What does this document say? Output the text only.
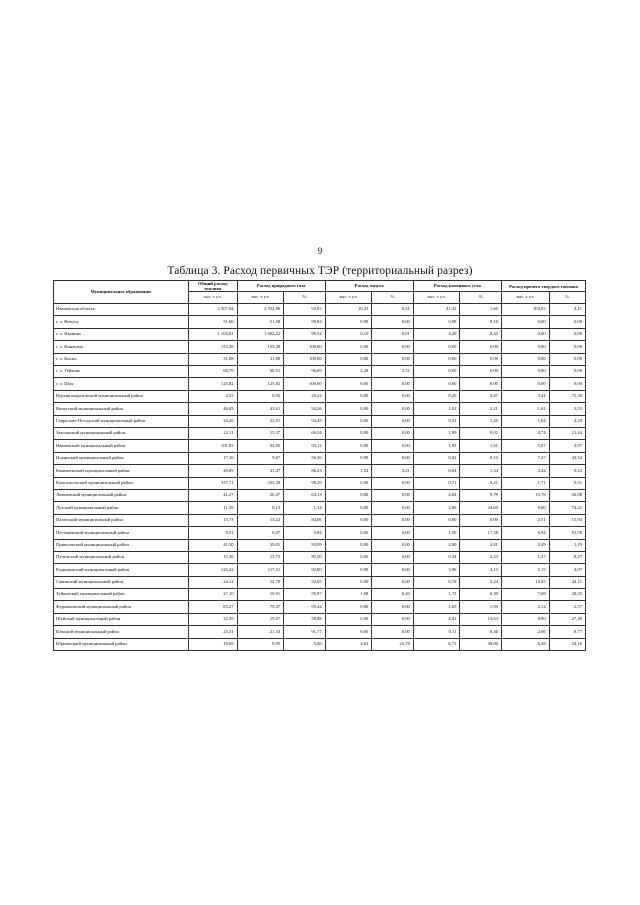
9
Таблица 3. Расход первичных ТЭР (территориальный разрез)
Муниципальное образование	Общий расход топлива	Расход природного газа		Расход мазута		Расход каменного угля		Расход прочего твердого топлива	
	тыс. т у.т.	тыс. т у.т.	%	тыс. т у.т.	%	тыс. т у.т.	%	тыс. т у.т.	%
Ивановская область	2 507,64	2 352,86	93,83	10,23	0,41	41,32	1,66	103,03	4,11
г. о. Вичуга	51,66	51,58	99,84	0,00	0,00	0,08	0,16	0,00	0,00
г. о. Иваново	1 104,81	1 062,22	99,54	0,10	0,01	4,49	0,45	0,00	0,00
г. о. Кинешма	153,38	153,38	100,00	0,00	0,00	0,00	0,00	0,00	0,00
г. о. Кохма	31,88	31,88	100,00	0,00	0,00	0,00	0,00	0,00	0,00
г. о. Тейково	68,79	66,51	96,69	2,28	3,31	0,00	0,00	0,00	0,00
г. о. Шуя	125,82	125,82	100,00	0,00	0,00	0,00	0,00	0,00	0,00
Верхнеландеховский муниципальный район	4,53	0,92	20,22	0,00	0,00	0,20	4,47	3,41	75,30
Вичугский муниципальный район	46,05	43,61	94,26	0,00	0,00	1,02	2,21	1,62	3,53
Гаврилово-Посадский муниципальный район	24,26	22,91	94,45	0,00	0,00	0,31	1,26	1,04	4,29
Заволжский муниципальный район	22,11	15,37	69,54	0,00	0,00	1,99	9,02	4,74	21,44
Ивановский муниципальный район	101,95	94,95	93,12	0,00	0,00	1,95	1,91	5,07	4,97
Ильинский муниципальный район	17,16	9,67	56,36	0,00	0,00	0,02	0,10	7,47	43,54
Кинешемский муниципальный район	48,09	41,47	86,23	1,54	3,21	0,64	1,34	4,44	9,22
Комсомольский муниципальный район	337,71	335,28	99,29	0,00	0,00	0,71	0,21	1,71	0,51
Лежневский муниципальный район	41,27	26,47	64,13	0,00	0,00	4,04	9,79	10,76	26,08
Лухский муниципальный район	11,59	0,13	1,14	0,00	0,00	2,86	24,69	8,60	74,21
Палехский муниципальный район	15,73	13,22	84,06	0,00	0,00	0,00	0,00	2,51	15,94
Пестяковский муниципальный район	8,51	0,07	0,84	0,00	0,00	1,50	17,58	6,94	81,58
Приволжский муниципальный район	41,50	39,01	93,99	0,00	0,00	2,00	4,81	0,49	1,19
Пучежский муниципальный район	15,36	13,75	89,50	0,00	0,00	0,34	2,23	1,27	8,27
Родниковский муниципальный район	126,42	117,31	92,80	0,00	0,00	3,96	3,13	5,15	4,07
Савинский муниципальный район	24,12	12,70	52,65	0,00	0,00	0,78	3,24	10,65	44,11
Тейковский муниципальный район	27,10	16,91	59,97	1,68	6,20	1,73	6,39	7,68	28,35
Фурмановский муниципальный район	83,27	79,47	95,44	0,00	0,00	1,65	1,99	2,14	2,57
Шуйский муниципальный район	32,39	19,07	58,88	0,00	0,00	4,41	13,63	8,90	27,49
Южский муниципальный район	23,31	21,34	91,77	0,00	0,00	0,11	0,46	2,06	8,77
Юрьевецкий муниципальный район	18,69	0,95	5,06	4,63	24,78	6,73	36,00	6,38	34,16
